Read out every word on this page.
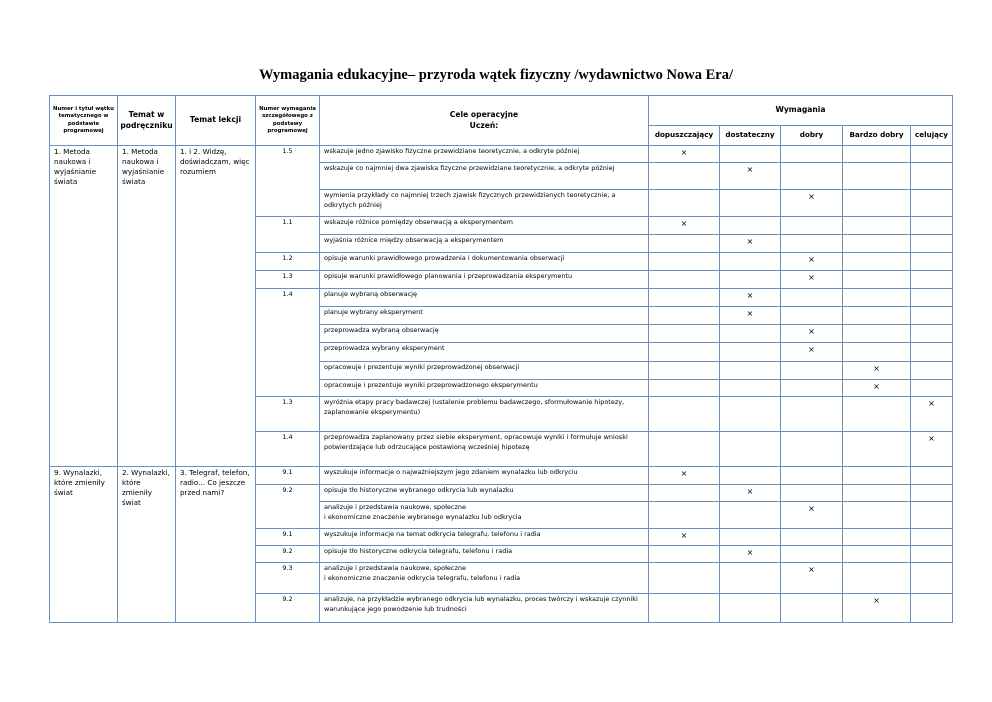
Wymagania edukacyjne– przyroda wątek fizyczny /wydawnictwo Nowa Era/
Numer i tytuł wątku tematycznego w podstawie programowej	Temat w podręczniku	Temat lekcji	Numer wymagania szczegółowego z podstawy programowej	Cele operacyjne
Uczeń:	Wymagania				
					dopuszczający	dostateczny	dobry	Bardzo dobry	celujący
1. Metoda naukowa i wyjaśnianie świata	1. Metoda naukowa i wyjaśnianie świata	1. i 2. Widzę, doświadczam, więc rozumiem	1.5	wskazuje jedno zjawisko fizyczne przewidziane teoretycznie, a odkryte później	×				
				wskazuje co najmniej dwa zjawiska fizyczne przewidziane teoretycznie, a odkryte później		×			
				wymienia przykłady co najmniej trzech zjawisk fizycznych przewidzianych teoretycznie, a odkrytych później			×		
			1.1	wskazuje różnice pomiędzy obserwacją a eksperymentem	×				
				wyjaśnia różnice między obserwacją a eksperymentem		×			
			1.2	opisuje warunki prawidłowego prowadzenia i dokumentowania obserwacji			×		
			1.3	opisuje warunki prawidłowego planowania i przeprowadzania eksperymentu			×		
			1.4	planuje wybraną obserwację		×			
				planuje wybrany eksperyment		×			
				przeprowadza wybraną obserwację			×		
				przeprowadza wybrany eksperyment			×		
				opracowuje i prezentuje wyniki przeprowadzonej obserwacji				×	
				opracowuje i prezentuje wyniki przeprowadzonego eksperymentu				×	
			1.3	wyróżnia etapy pracy badawczej (ustalenie problemu badawczego, sformułowanie hipotezy, zaplanowanie eksperymentu)					×
			1.4	przeprowadza zaplanowany przez siebie eksperyment, opracowuje wyniki i formułuje wnioski potwierdzające lub odrzucające postawioną wcześniej hipotezę					×
9. Wynalazki, które zmieniły świat	2. Wynalazki, które zmieniły świat	3. Telegraf, telefon, radio... Co jeszcze przed nami?	9.1	wyszukuje informacje o najważniejszym jego zdaniem wynalazku lub odkryciu	×				
			9.2	opisuje tło historyczne wybranego odkrycia lub wynalazku		×			
				analizuje i przedstawia naukowe, społeczne
i ekonomiczne znaczenie wybranego wynalazku lub odkrycia			×		
			9.1	wyszukuje informacje na temat odkrycia telegrafu, telefonu i radia	×				
			9.2	opisuje tło historyczne odkrycia telegrafu, telefonu i radia		×			
			9.3	analizuje i przedstawia naukowe, społeczne
i ekonomiczne znaczenie odkrycia telegrafu, telefonu i radia			×		
			9.2	analizuje, na przykładzie wybranego odkrycia lub wynalazku, proces twórczy i wskazuje czynniki warunkujące jego powodzenie lub trudności				×	
